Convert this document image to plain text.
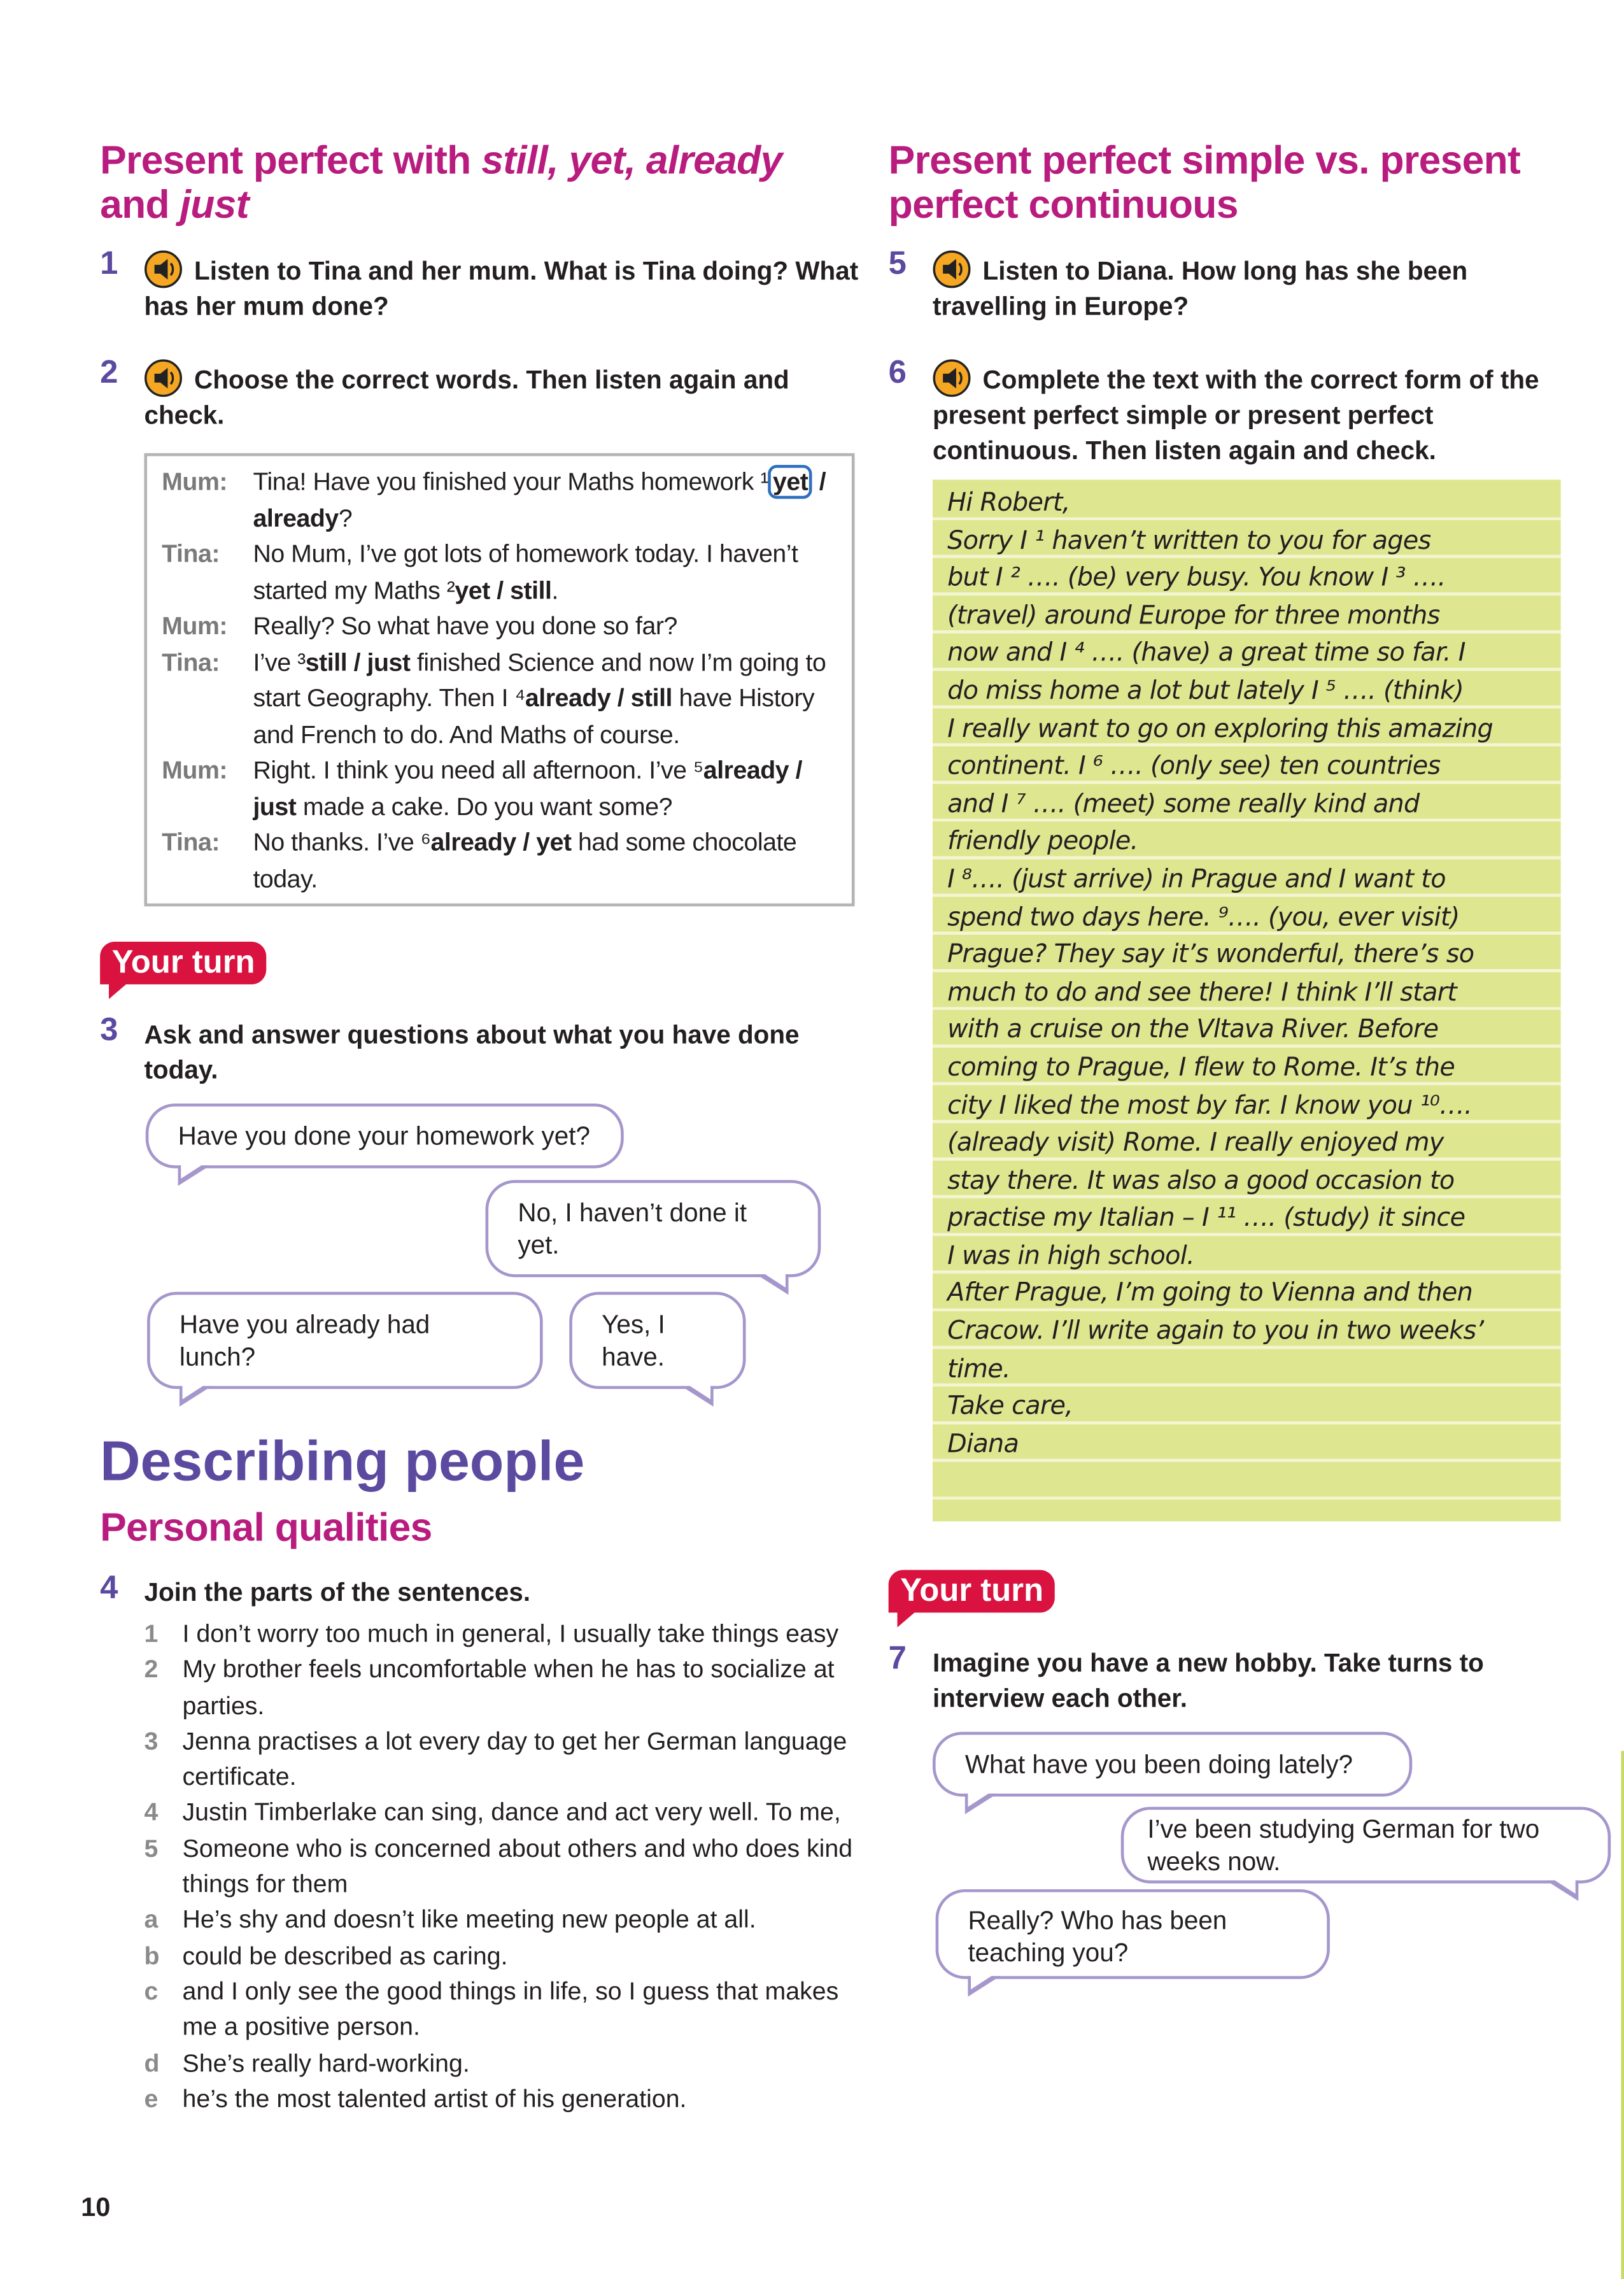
Present perfect with still, yet, already and just
1	Listen to Tina and her mum. What is Tina doing? What has her mum done?
2	Choose the correct words. Then listen again and check.
Mum:	Tina! Have you finished your Maths homework ¹ yet / already?
Tina:	No Mum, I’ve got lots of homework today. I haven’t started my Maths ²yet / still.
Mum:	Really? So what have you done so far?
Tina:	I’ve ³still / just finished Science and now I’m going to start Geography. Then I ⁴already / still have History and French to do. And Maths of course.
Mum:	Right. I think you need all afternoon. I’ve ⁵already / just made a cake. Do you want some?
Tina:	No thanks. I’ve ⁶already / yet had some chocolate today.
Your turn
3 Ask and answer questions about what you have done today.
Have you done your homework yet?
No, I haven’t done it yet.
Have you already had lunch?
Yes, I have.
Describing people
Personal qualities
4 Join the parts of the sentences.
1	I don’t worry too much in general, I usually take things easy
2	My brother feels uncomfortable when he has to socialize at parties.
3	Jenna practises a lot every day to get her German language certificate.
4	Justin Timberlake can sing, dance and act very well. To me,
5	Someone who is concerned about others and who does kind things for them
a	He’s shy and doesn’t like meeting new people at all.
b	could be described as caring.
c	and I only see the good things in life, so I guess that makes me a positive person.
d	She’s really hard-working.
e	he’s the most talented artist of his generation.
10
Present perfect simple vs. present perfect continuous
5	Listen to Diana. How long has she been travelling in Europe?
6	Complete the text with the correct form of the present perfect simple or present perfect continuous. Then listen again and check.
Hi Robert,
Sorry I ¹ haven’t written to you for ages
but I ² …. (be) very busy. You know I ³ ….
(travel) around Europe for three months
now and I ⁴ …. (have) a great time so far. I
do miss home a lot but lately I ⁵ …. (think)
I really want to go on exploring this amazing
continent. I ⁶ …. (only see) ten countries
and I ⁷ …. (meet) some really kind and
friendly people.
I ⁸…. (just arrive) in Prague and I want to
spend two days here. ⁹…. (you, ever visit)
Prague? They say it’s wonderful, there’s so
much to do and see there! I think I’ll start
with a cruise on the Vltava River. Before
coming to Prague, I flew to Rome. It’s the
city I liked the most by far. I know you ¹⁰….
(already visit) Rome. I really enjoyed my
stay there. It was also a good occasion to
practise my Italian – I ¹¹ …. (study) it since
I was in high school.
After Prague, I’m going to Vienna and then
Cracow. I’ll write again to you in two weeks’
time.
Take care,
Diana
Your turn
7 Imagine you have a new hobby. Take turns to interview each other.
What have you been doing lately?
I’ve been studying German for two weeks now.
Really? Who has been teaching you?
